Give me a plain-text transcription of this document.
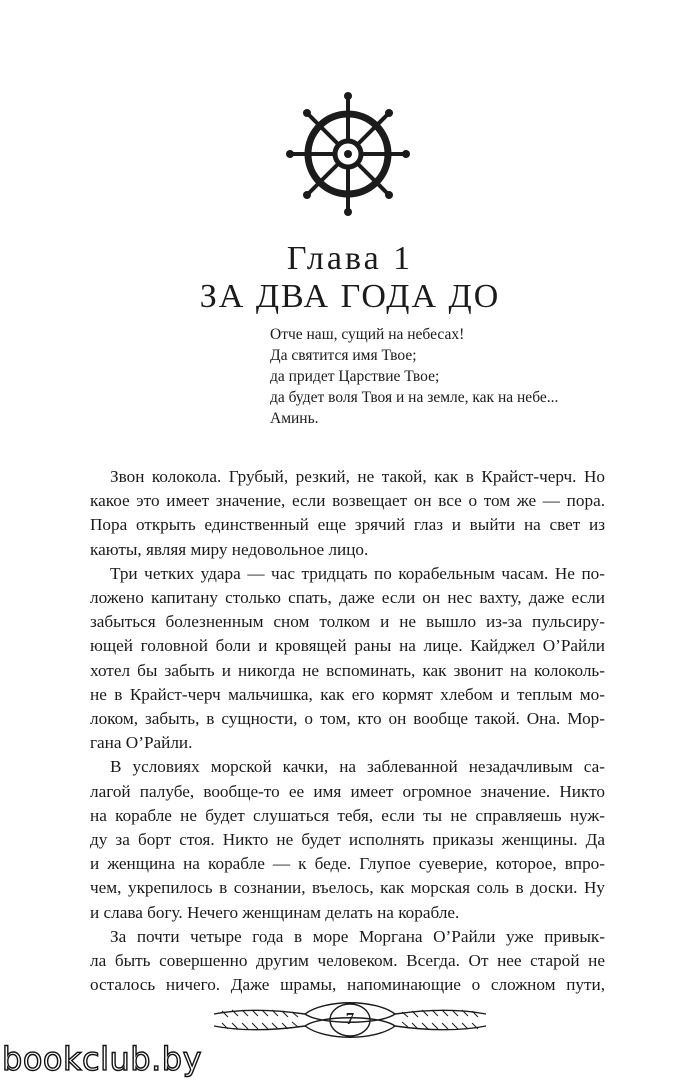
Глава 1
ЗА ДВА ГОДА ДО
Отче наш, сущий на небесах!
Да святится имя Твое;
да придет Царствие Твое;
да будет воля Твоя и на земле, как на небе...
Аминь.
Звон колокола. Грубый, резкий, не такой, как в Крайст-черч. Но
какое это имеет значение, если возвещает он все о том же — пора.
Пора открыть единственный еще зрячий глаз и выйти на свет из
каюты, являя миру недовольное лицо.
Три четких удара — час тридцать по корабельным часам. Не по-
ложено капитану столько спать, даже если он нес вахту, даже если
забыться болезненным сном толком и не вышло из-за пульсиру-
ющей головной боли и кровящей раны на лице. Кайджел О’Райли
хотел бы забыть и никогда не вспоминать, как звонит на колоколь-
не в Крайст-черч мальчишка, как его кормят хлебом и теплым мо-
локом, забыть, в сущности, о том, кто он вообще такой. Она. Мор-
гана О’Райли.
В условиях морской качки, на заблеванной незадачливым са-
лагой палубе, вообще-то ее имя имеет огромное значение. Никто
на корабле не будет слушаться тебя, если ты не справляешь нуж-
ду за борт стоя. Никто не будет исполнять приказы женщины. Да
и женщина на корабле — к беде. Глупое суеверие, которое, впро-
чем, укрепилось в сознании, въелось, как морская соль в доски. Ну
и слава богу. Нечего женщинам делать на корабле.
За почти четыре года в море Моргана О’Райли уже привык-
ла быть совершенно другим человеком. Всегда. От нее старой не
осталось ничего. Даже шрамы, напоминающие о сложном пути,
7
bookclub.by
